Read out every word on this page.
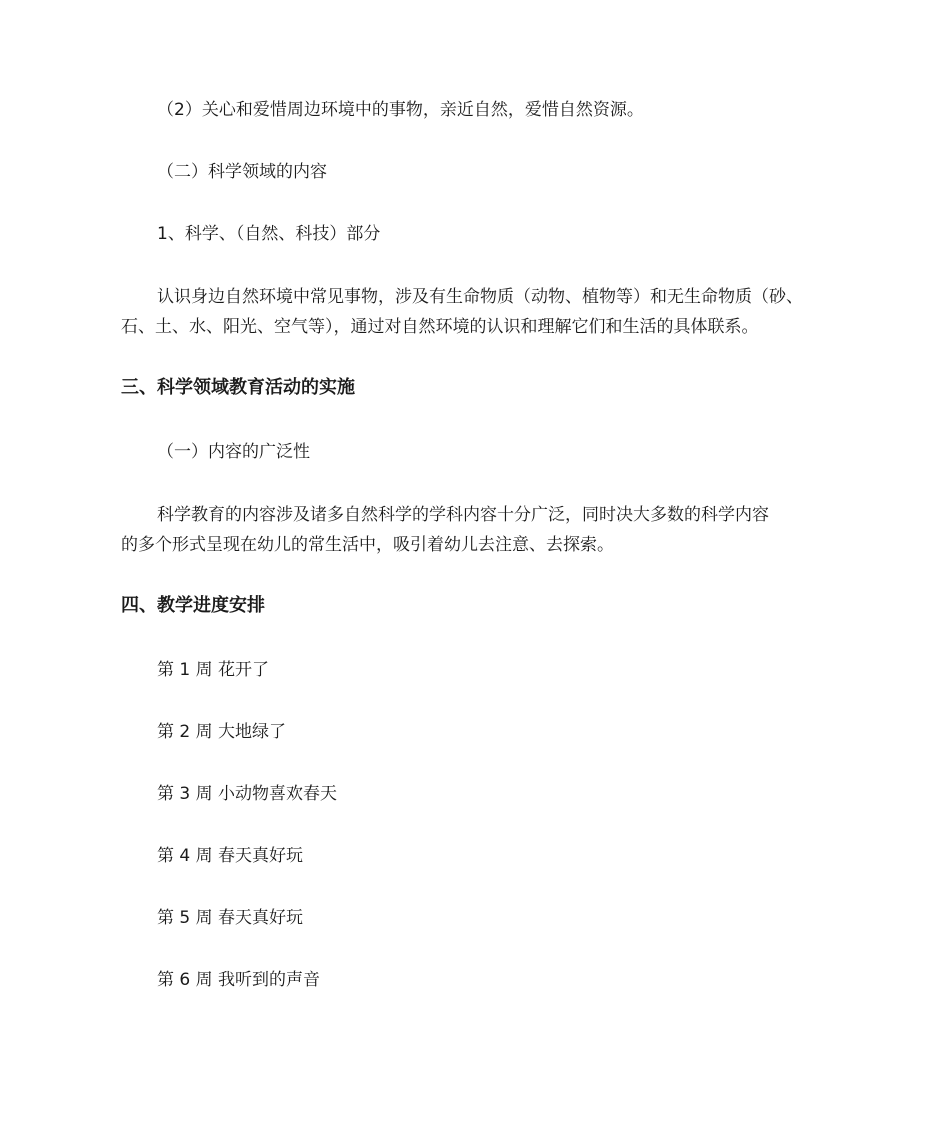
（2）关心和爱惜周边环境中的事物，亲近自然，爱惜自然资源。
（二）科学领域的内容
1、科学、（自然、科技）部分
认识身边自然环境中常见事物，涉及有生命物质（动物、植物等）和无生命物质（砂、
石、土、水、阳光、空气等），通过对自然环境的认识和理解它们和生活的具体联系。
三、科学领域教育活动的实施
（一）内容的广泛性
科学教育的内容涉及诸多自然科学的学科内容十分广泛，同时决大多数的科学内容
的多个形式呈现在幼儿的常生活中，吸引着幼儿去注意、去探索。
四、教学进度安排
第 1 周 花开了
第 2 周 大地绿了
第 3 周 小动物喜欢春天
第 4 周 春天真好玩
第 5 周 春天真好玩
第 6 周 我听到的声音
